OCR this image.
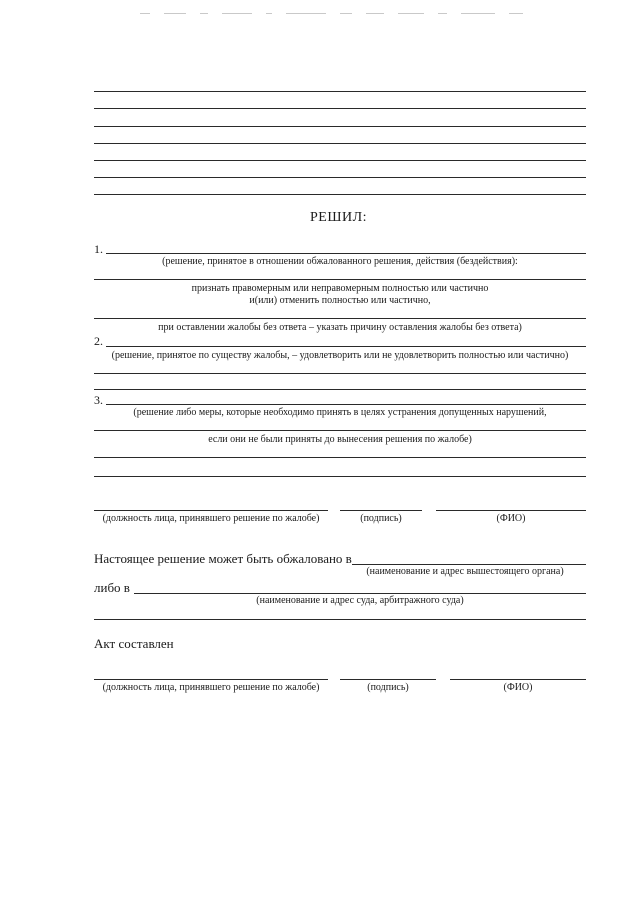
РЕШИЛ:
1.
(решение, принятое в отношении обжалованного решения, действия (бездействия):
признать правомерным или неправомерным полностью или частично
и(или) отменить полностью или частично,
при оставлении жалобы без ответа – указать причину оставления жалобы без ответа)
2.
(решение, принятое по существу жалобы, – удовлетворить или не удовлетворить полностью или частично)
3.
(решение либо меры, которые необходимо принять в целях устранения допущенных нарушений,
если они не были приняты до вынесения решения по жалобе)
(должность лица, принявшего решение по жалобе)	(подпись)	(ФИО)
Настоящее решение может быть обжаловано в
(наименование и адрес вышестоящего органа)
либо в
(наименование и адрес суда, арбитражного суда)
Акт составлен
(должность лица, принявшего решение по жалобе)	(подпись)	(ФИО)
